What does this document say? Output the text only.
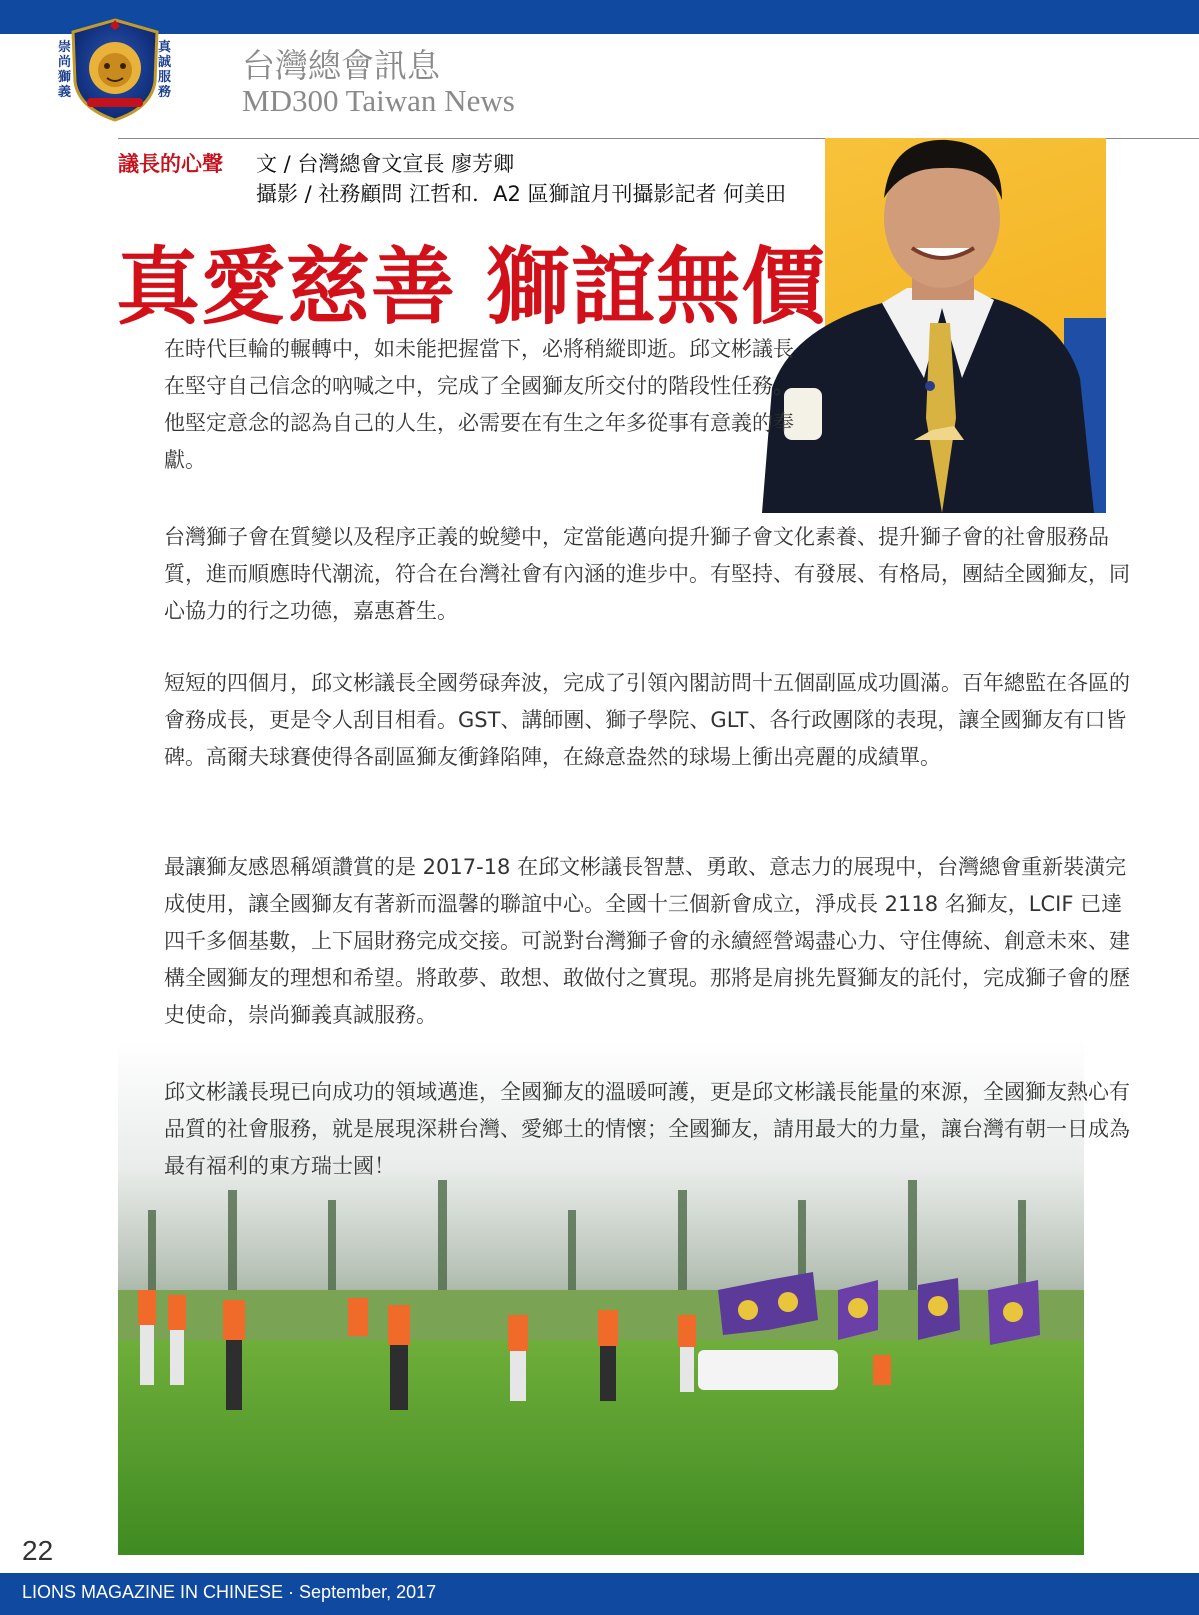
崇尚獅義
真誠服務
台灣總會訊息
MD300 Taiwan News
議長的心聲 文 / 台灣總會文宣長 廖芳卿
攝影 / 社務顧問 江哲和．A2 區獅誼月刊攝影記者 何美田
真愛慈善 獅誼無價
在時代巨輪的輾轉中，如未能把握當下，必將稍縱即逝。邱文彬議長在堅守自己信念的吶喊之中，完成了全國獅友所交付的階段性任務。他堅定意念的認為自己的人生，必需要在有生之年多從事有意義的奉獻。
台灣獅子會在質變以及程序正義的蛻變中，定當能邁向提升獅子會文化素養、提升獅子會的社會服務品質，進而順應時代潮流，符合在台灣社會有內涵的進步中。有堅持、有發展、有格局，團結全國獅友，同心協力的行之功德，嘉惠蒼生。
短短的四個月，邱文彬議長全國勞碌奔波，完成了引領內閣訪問十五個副區成功圓滿。百年總監在各區的會務成長，更是令人刮目相看。GST、講師團、獅子學院、GLT、各行政團隊的表現，讓全國獅友有口皆碑。高爾夫球賽使得各副區獅友衝鋒陷陣，在綠意盎然的球場上衝出亮麗的成績單。
最讓獅友感恩稱頌讚賞的是 2017-18 在邱文彬議長智慧、勇敢、意志力的展現中，台灣總會重新裝潢完成使用，讓全國獅友有著新而溫馨的聯誼中心。全國十三個新會成立，淨成長 2118 名獅友，LCIF 已達四千多個基數，上下屆財務完成交接。可説對台灣獅子會的永續經營竭盡心力、守住傳統、創意未來、建構全國獅友的理想和希望。將敢夢、敢想、敢做付之實現。那將是肩挑先賢獅友的託付，完成獅子會的歷史使命，崇尚獅義真誠服務。
邱文彬議長現已向成功的領域邁進，全國獅友的溫暖呵護，更是邱文彬議長能量的來源，全國獅友熱心有品質的社會服務，就是展現深耕台灣、愛鄉土的情懷；全國獅友，請用最大的力量，讓台灣有朝一日成為最有福利的東方瑞士國！
22
LIONS MAGAZINE IN CHINESE · September, 2017
